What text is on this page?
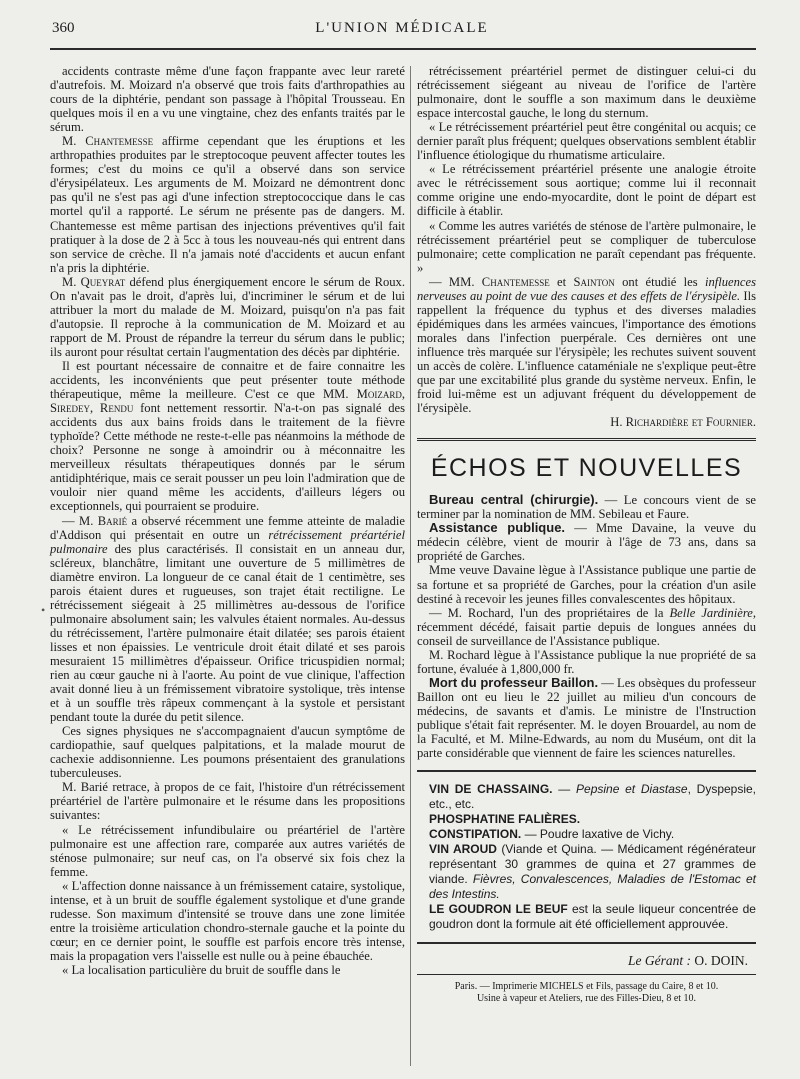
360	L'UNION MÉDICALE
•

accidents contraste même d'une façon frappante avec leur rareté d'autrefois. M. Moizard n'a observé que trois faits d'arthropathies au cours de la diphtérie, pendant son passage à l'hôpital Trousseau. En quelques mois il en a vu une vingtaine, chez des enfants traités par le sérum.

M. Chantemesse affirme cependant que les éruptions et les arthropathies produites par le streptocoque peuvent affecter toutes les formes; c'est du moins ce qu'il a observé dans son service d'érysipélateux. Les arguments de M. Moizard ne démontrent donc pas qu'il ne s'est pas agi d'une infection streptococcique dans le cas mortel qu'il a rapporté. Le sérum ne présente pas de dangers. M. Chantemesse est même partisan des injections préventives qu'il fait pratiquer à la dose de 2 à 5cc à tous les nouveau-nés qui entrent dans son service de crèche. Il n'a jamais noté d'accidents et aucun enfant n'a pris la diphtérie.

M. Queyrat défend plus énergiquement encore le sérum de Roux. On n'avait pas le droit, d'après lui, d'incriminer le sérum et de lui attribuer la mort du malade de M. Moizard, puisqu'on n'a pas fait d'autopsie. Il reproche à la communication de M. Moizard et au rapport de M. Proust de répandre la terreur du sérum dans le public; ils auront pour résultat certain l'augmentation des décès par diphtérie.

Il est pourtant nécessaire de connaitre et de faire connaitre les accidents, les inconvénients que peut présenter toute méthode thérapeutique, même la meilleure. C'est ce que MM. Moizard, Siredey, Rendu font nettement ressortir. N'a-t-on pas signalé des accidents dus aux bains froids dans le traitement de la fièvre typhoïde? Cette méthode ne reste-t-elle pas néanmoins la méthode de choix? Personne ne songe à amoindrir ou à méconnaitre les merveilleux résultats thérapeutiques donnés par le sérum antidiphtérique, mais ce serait pousser un peu loin l'admiration que de vouloir nier quand même les accidents, d'ailleurs légers ou exceptionnels, qui pourraient se produire.

— M. Barié a observé récemment une femme atteinte de maladie d'Addison qui présentait en outre un rétrécissement préartériel pulmonaire des plus caractérisés. Il consistait en un anneau dur, scléreux, blanchâtre, limitant une ouverture de 5 millimètres de diamètre environ. La longueur de ce canal était de 1 centimètre, ses parois étaient dures et rugueuses, son trajet était rectiligne. Le rétrécissement siégeait à 25 millimètres au-dessous de l'orifice pulmonaire absolument sain; les valvules étaient normales. Au-dessus du rétrécissement, l'artère pulmonaire était dilatée; ses parois étaient lisses et non épaissies. Le ventricule droit était dilaté et ses parois mesuraient 15 millimètres d'épaisseur. Orifice tricuspidien normal; rien au cœur gauche ni à l'aorte. Au point de vue clinique, l'affection avait donné lieu à un frémissement vibratoire systolique, très intense et à un souffle très râpeux commençant à la systole et persistant pendant toute la durée du petit silence.

Ces signes physiques ne s'accompagnaient d'aucun symptôme de cardiopathie, sauf quelques palpitations, et la malade mourut de cachexie addisonnienne. Les poumons présentaient des granulations tuberculeuses.

M. Barié retrace, à propos de ce fait, l'histoire d'un rétrécissement préartériel de l'artère pulmonaire et le résume dans les propositions suivantes:

« Le rétrécissement infundibulaire ou préartériel de l'artère pulmonaire est une affection rare, comparée aux autres variétés de sténose pulmonaire; sur neuf cas, on l'a observé six fois chez la femme.

« L'affection donne naissance à un frémissement cataire, systolique, intense, et à un bruit de souffle également systolique et d'une grande rudesse. Son maximum d'intensité se trouve dans une zone limitée entre la troisième articulation chondro-sternale gauche et la pointe du cœur; en ce dernier point, le souffle est parfois encore très intense, mais la propagation vers l'aisselle est nulle ou à peine ébauchée.

« La localisation particulière du bruit de souffle dans le

rétrécissement préartériel permet de distinguer celui-ci du rétrécissement siégeant au niveau de l'orifice de l'artère pulmonaire, dont le souffle a son maximum dans le deuxième espace intercostal gauche, le long du sternum.

« Le rétrécissement préartériel peut être congénital ou acquis; ce dernier paraît plus fréquent; quelques observations semblent établir l'influence étiologique du rhumatisme articulaire.

« Le rétrécissement préartériel présente une analogie étroite avec le rétrécissement sous aortique; comme lui il reconnait comme origine une endo-myocardite, dont le point de départ est difficile à établir.

« Comme les autres variétés de sténose de l'artère pulmonaire, le rétrécissement préartériel peut se compliquer de tuberculose pulmonaire; cette complication ne paraît cependant pas fréquente. »

— MM. Chantemesse et Sainton ont étudié les influences nerveuses au point de vue des causes et des effets de l'érysipèle. Ils rappellent la fréquence du typhus et des diverses maladies épidémiques dans les armées vaincues, l'importance des émotions morales dans l'infection puerpérale. Ces dernières ont une influence très marquée sur l'érysipèle; les rechutes suivent souvent un accès de colère. L'influence cataméniale ne s'explique peut-être que par une excitabilité plus grande du système nerveux. Enfin, le froid lui-même est un adjuvant fréquent du développement de l'érysipèle.

H. Richardière et Fournier.

ÉCHOS ET NOUVELLES

Bureau central (chirurgie). — Le concours vient de se terminer par la nomination de MM. Sebileau et Faure.

Assistance publique. — Mme Davaine, la veuve du médecin célèbre, vient de mourir à l'âge de 73 ans, dans sa propriété de Garches.

Mme veuve Davaine lègue à l'Assistance publique une partie de sa fortune et sa propriété de Garches, pour la création d'un asile destiné à recevoir les jeunes filles convalescentes des hôpitaux.

— M. Rochard, l'un des propriétaires de la Belle Jardinière, récemment décédé, faisait partie depuis de longues années du conseil de surveillance de l'Assistance publique.

M. Rochard lègue à l'Assistance publique la nue propriété de sa fortune, évaluée à 1,800,000 fr.

Mort du professeur Baillon. — Les obsèques du professeur Baillon ont eu lieu le 22 juillet au milieu d'un concours de médecins, de savants et d'amis. Le ministre de l'Instruction publique s'était fait représenter. M. le doyen Brouardel, au nom de la Faculté, et M. Milne-Edwards, au nom du Muséum, ont dit la parte considérable que viennent de faire les sciences naturelles.

VIN DE CHASSAING. — Pepsine et Diastase, Dyspepsie, etc., etc.

PHOSPHATINE FALIÈRES.

CONSTIPATION. — Poudre laxative de Vichy.

VIN AROUD (Viande et Quina. — Médicament régénérateur représentant 30 grammes de quina et 27 grammes de viande. Fièvres, Convalescences, Maladies de l'Estomac et des Intestins.

LE GOUDRON LE BEUF est la seule liqueur concentrée de goudron dont la formule ait été officiellement approuvée.

Le Gérant : O. DOIN.
Paris. — Imprimerie MICHELS et Fils, passage du Caire, 8 et 10.
Usine à vapeur et Ateliers, rue des Filles-Dieu, 8 et 10.
